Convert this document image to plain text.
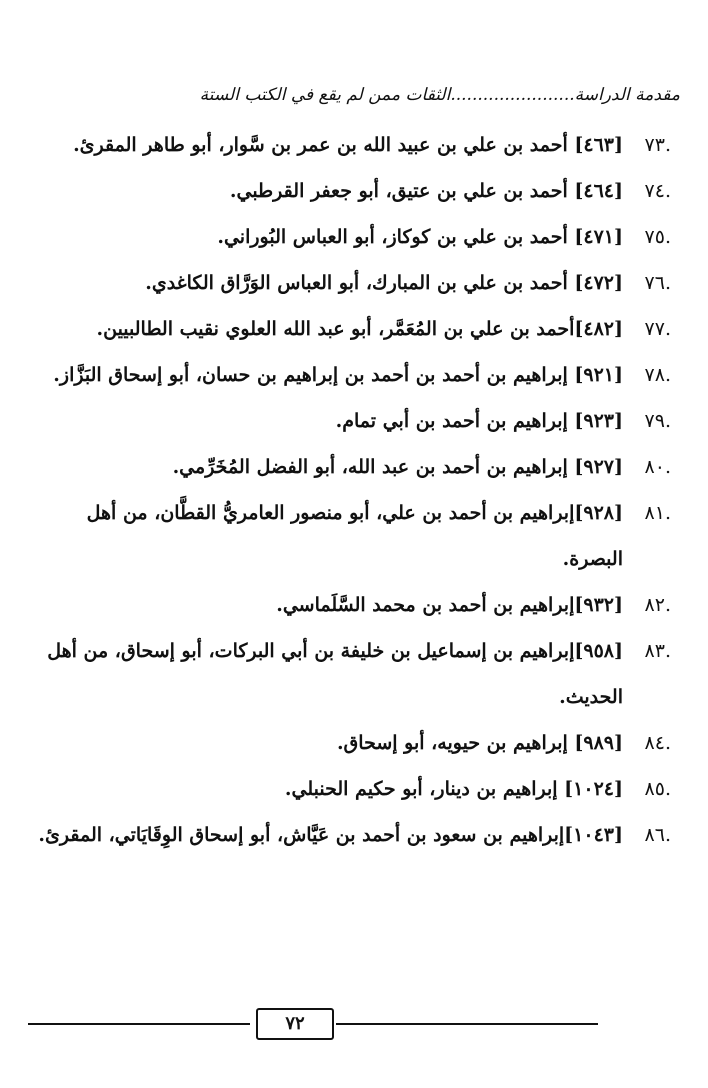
مقدمة الدراسة.......................الثقات ممن لم يقع في الكتب الستة
٧٣.
[٤٦٣] أحمد بن علي بن عبيد الله بن عمر بن سَّوار، أبو طاهر المقرئ.
٧٤.
[٤٦٤] أحمد بن علي بن عتيق، أبو جعفر القرطبي.
٧٥.
[٤٧١] أحمد بن علي بن كوكاز، أبو العباس البُوراني.
٧٦.
[٤٧٢] أحمد بن علي بن المبارك، أبو العباس الوَرَّاق الكاغدي.
٧٧.
[٤٨٢]أحمد بن علي بن المُعَمَّر، أبو عبد الله العلوي نقيب الطالبيين.
٧٨.
[٩٢١] إبراهيم بن أحمد بن أحمد بن إبراهيم بن حسان، أبو إسحاق البَزَّاز.
٧٩.
[٩٢٣] إبراهيم بن أحمد بن أبي تمام.
٨٠.
[٩٢٧] إبراهيم بن أحمد بن عبد الله، أبو الفضل المُخَرِّمي.
٨١.
[٩٢٨]إبراهيم بن أحمد بن علي، أبو منصور العامريُّ القطَّان، من أهل البصرة.
٨٢.
[٩٣٢]إبراهيم بن أحمد بن محمد السَّلَماسي.
٨٣.
[٩٥٨]إبراهيم بن إسماعيل بن خليفة بن أبي البركات، أبو إسحاق، من أهل الحديث.
٨٤.
[٩٨٩] إبراهيم بن حيويه، أبو إسحاق.
٨٥.
[١٠٢٤] إبراهيم بن دينار، أبو حكيم الحنبلي.
٨٦.
[١٠٤٣]إبراهيم بن سعود بن أحمد بن عَيَّاش، أبو إسحاق الوِقَايَاتي، المقرئ.
٧٢
